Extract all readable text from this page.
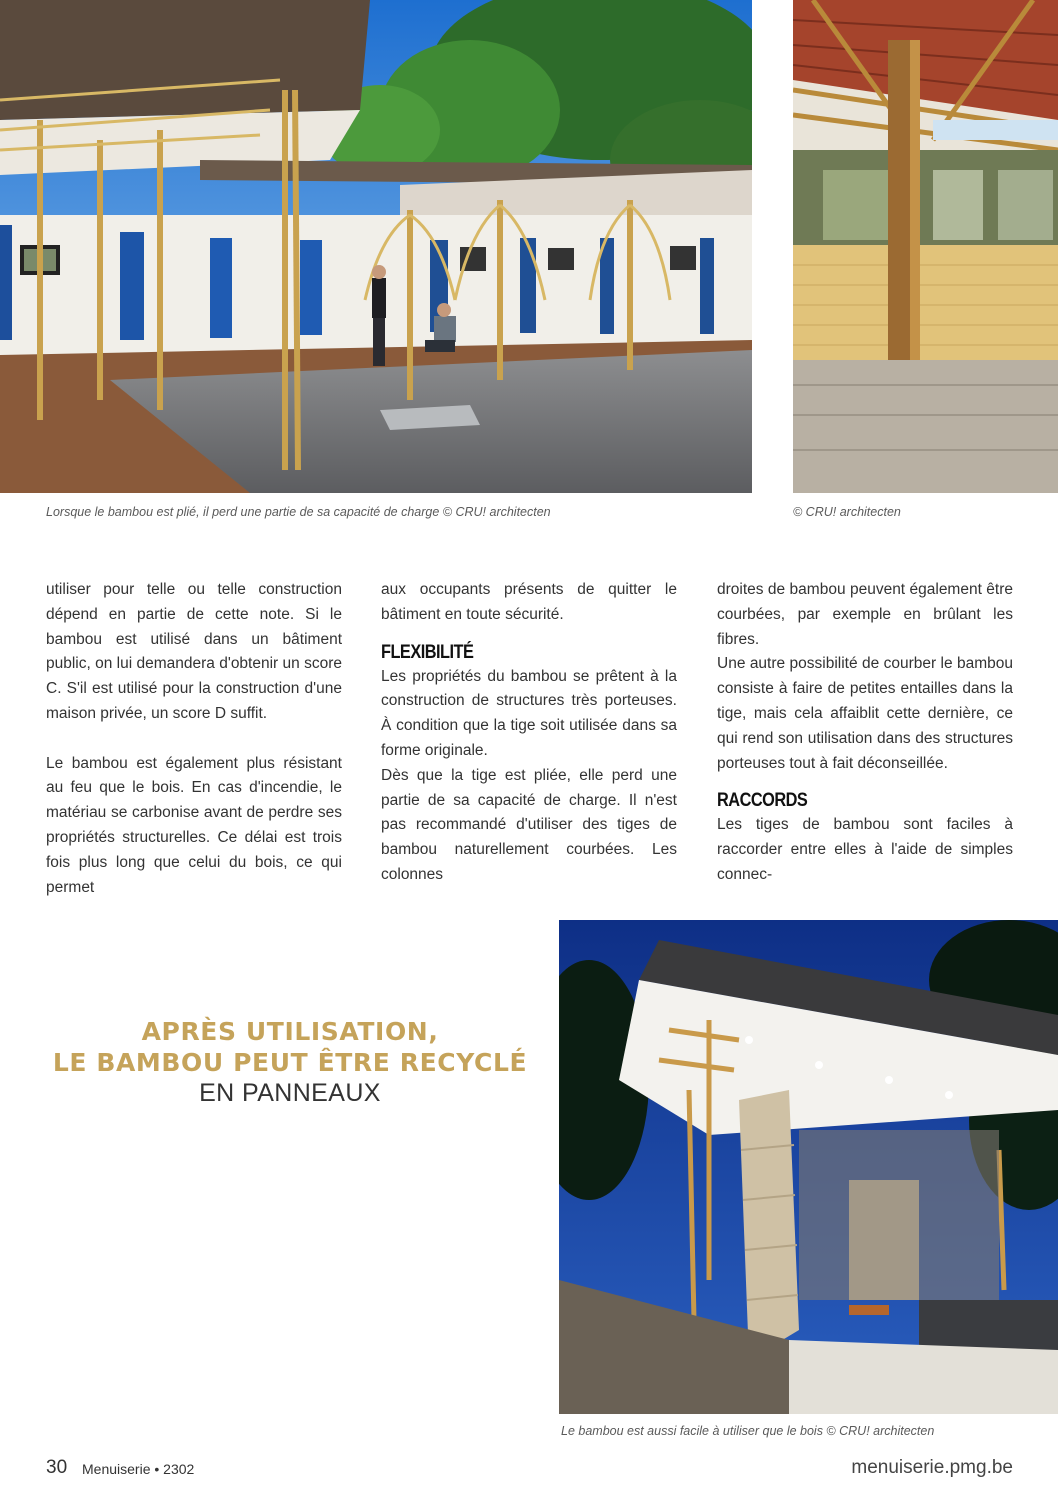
Lorsque le bambou est plié, il perd une partie de sa capacité de charge © CRU! architecten	© CRU! architecten

utiliser pour telle ou telle construction dépend en partie de cette note. Si le bambou est utilisé dans un bâtiment public, on lui demandera d'obtenir un score C. S'il est utilisé pour la construction d'une maison privée, un score D suffit.

Le bambou est également plus résistant au feu que le bois. En cas d'incendie, le matériau se carbonise avant de perdre ses propriétés structurelles. Ce délai est trois fois plus long que celui du bois, ce qui permet

aux occupants présents de quitter le bâtiment en toute sécurité.

FLEXIBILITÉ

Les propriétés du bambou se prêtent à la construction de structures très porteuses. À condition que la tige soit utilisée dans sa forme originale.

Dès que la tige est pliée, elle perd une partie de sa capacité de charge. Il n'est pas recommandé d'utiliser des tiges de bambou naturellement courbées. Les colonnes

droites de bambou peuvent également être courbées, par exemple en brûlant les fibres.

Une autre possibilité de courber le bambou consiste à faire de petites entailles dans la tige, mais cela affaiblit cette dernière, ce qui rend son utilisation dans des structures porteuses tout à fait déconseillée.

RACCORDS

Les tiges de bambou sont faciles à raccorder entre elles à l'aide de simples connec-

APRÈS UTILISATION,
LE BAMBOU PEUT ÊTRE RECYCLÉ
EN PANNEAUX
Le bambou est aussi facile à utiliser que le bois © CRU! architecten
30 Menuiserie • 2302	menuiserie.pmg.be
